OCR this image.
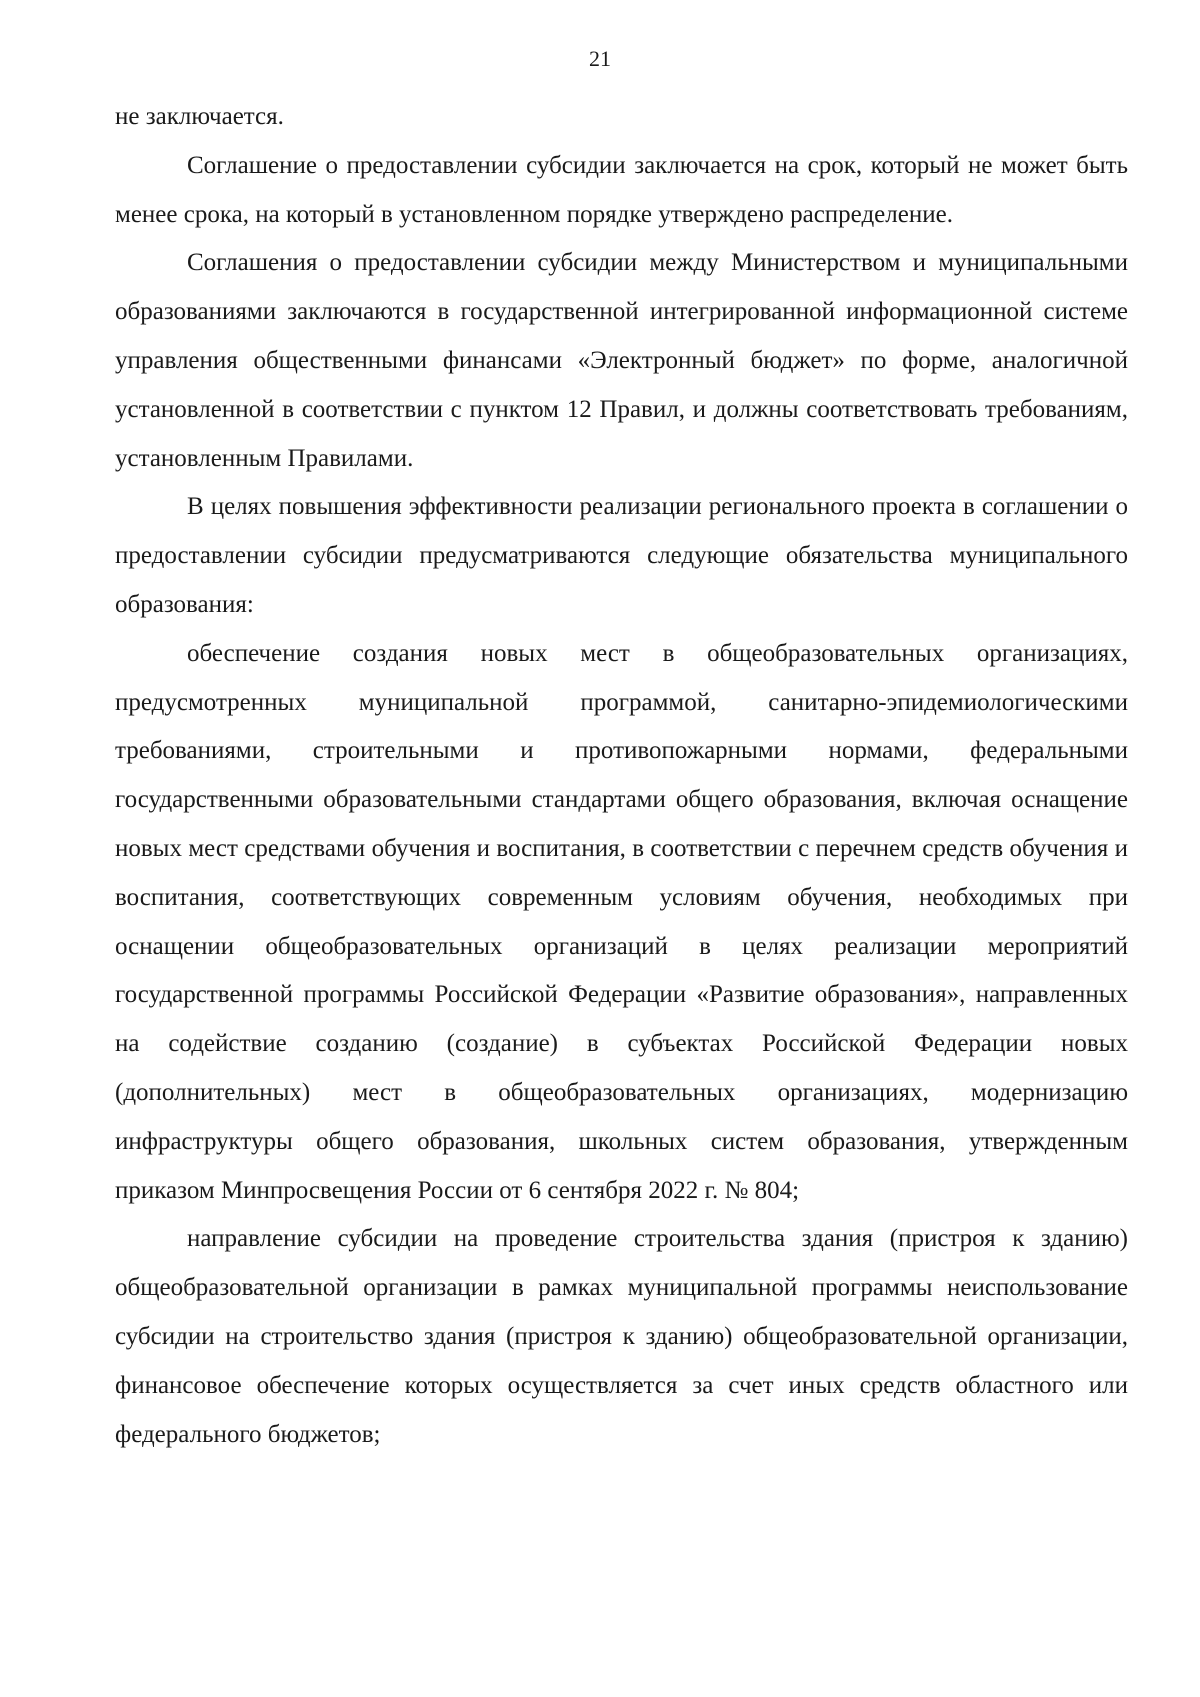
21

не заключается.

Соглашение о предоставлении субсидии заключается на срок, который не может быть менее срока, на который в установленном порядке утверждено распределение.

Соглашения о предоставлении субсидии между Министерством и муниципальными образованиями заключаются в государственной интегрированной информационной системе управления общественными финансами «Электронный бюджет» по форме, аналогичной установленной в соответствии с пунктом 12 Правил, и должны соответствовать требованиям, установленным Правилами.

В целях повышения эффективности реализации регионального проекта в соглашении о предоставлении субсидии предусматриваются следующие обязательства муниципального образования:

обеспечение создания новых мест в общеобразовательных организациях, предусмотренных муниципальной программой, санитарно-эпидемиологическими требованиями, строительными и противопожарными нормами, федеральными государственными образовательными стандартами общего образования, включая оснащение новых мест средствами обучения и воспитания, в соответствии с перечнем средств обучения и воспитания, соответствующих современным условиям обучения, необходимых при оснащении общеобразовательных организаций в целях реализации мероприятий государственной программы Российской Федерации «Развитие образования», направленных на содействие созданию (создание) в субъектах Российской Федерации новых (дополнительных) мест в общеобразовательных организациях, модернизацию инфраструктуры общего образования, школьных систем образования, утвержденным приказом Минпросвещения России от 6 сентября 2022 г. № 804;

направление субсидии на проведение строительства здания (пристроя к зданию) общеобразовательной организации в рамках муниципальной программы неиспользование субсидии на строительство здания (пристроя к зданию) общеобразовательной организации, финансовое обеспечение которых осуществляется за счет иных средств областного или федерального бюджетов;
